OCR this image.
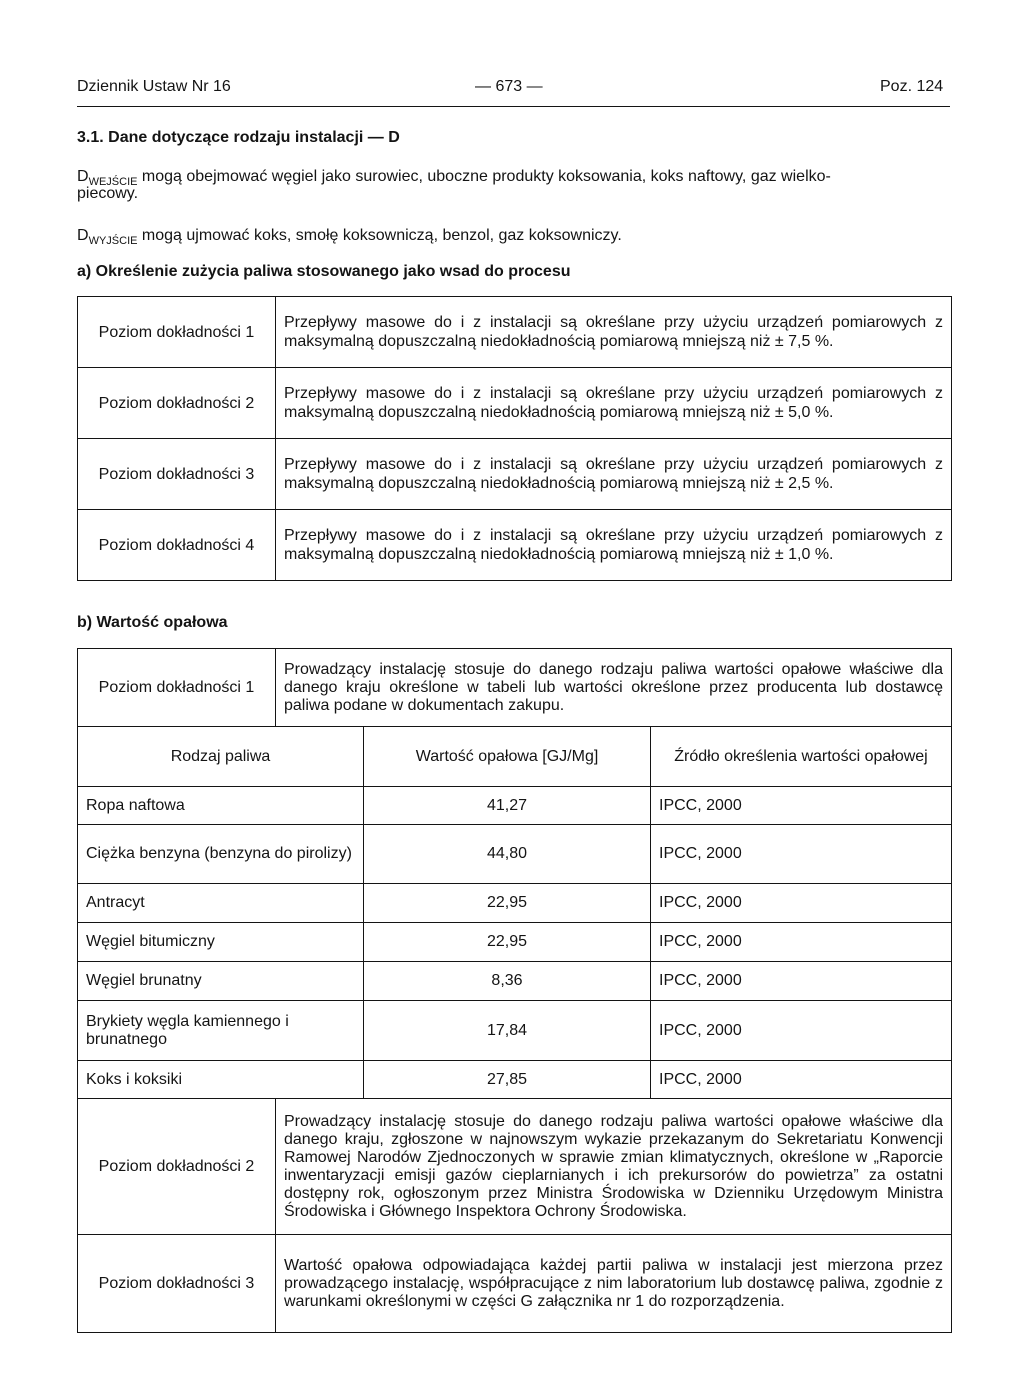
Dziennik Ustaw Nr 16	— 673 —	Poz. 124
3.1. Dane dotyczące rodzaju instalacji — D
$D_{WEJŚCIE}$ mogą obejmować węgiel jako surowiec, uboczne produkty koksowania, koks naftowy, gaz wielko-
piecowy.
$D_{WYJŚCIE}$ mogą ujmować koks, smołę koksowniczą, benzol, gaz koksowniczy.
a) Określenie zużycia paliwa stosowanego jako wsad do procesu
Poziom dokładności 1	Przepływy masowe do i z instalacji są określane przy użyciu urządzeń pomiarowych z maksymalną dopuszczalną niedokładnością pomiarową mniejszą niż ± 7,5 %.
Poziom dokładności 2	Przepływy masowe do i z instalacji są określane przy użyciu urządzeń pomiarowych z maksymalną dopuszczalną niedokładnością pomiarową mniejszą niż ± 5,0 %.
Poziom dokładności 3	Przepływy masowe do i z instalacji są określane przy użyciu urządzeń pomiarowych z maksymalną dopuszczalną niedokładnością pomiarową mniejszą niż ± 2,5 %.
Poziom dokładności 4	Przepływy masowe do i z instalacji są określane przy użyciu urządzeń pomiarowych z maksymalną dopuszczalną niedokładnością pomiarową mniejszą niż ± 1,0 %.
b) Wartość opałowa
Poziom dokładności 1	Prowadzący instalację stosuje do danego rodzaju paliwa wartości opałowe właściwe dla danego kraju określone w tabeli lub wartości określone przez producenta lub dostawcę paliwa podane w dokumentach zakupu.		
Rodzaj paliwa		Wartość opałowa [GJ/Mg]	Źródło określenia wartości opałowej
Ropa naftowa		41,27	IPCC, 2000
Ciężka benzyna (benzyna do pirolizy)		44,80	IPCC, 2000
Antracyt		22,95	IPCC, 2000
Węgiel bitumiczny		22,95	IPCC, 2000
Węgiel brunatny		8,36	IPCC, 2000
Brykiety węgla kamiennego i brunatnego		17,84	IPCC, 2000
Koks i koksiki		27,85	IPCC, 2000
Poziom dokładności 2	Prowadzący instalację stosuje do danego rodzaju paliwa wartości opałowe właściwe dla danego kraju, zgłoszone w najnowszym wykazie przekazanym do Sekretariatu Konwencji Ramowej Narodów Zjednoczonych w sprawie zmian klimatycznych, określone w „Raporcie inwentaryzacji emisji gazów cieplarnianych i ich prekursorów do powietrza” za ostatni dostępny rok, ogłoszonym przez Ministra Środowiska w Dzienniku Urzędowym Ministra Środowiska i Głównego Inspektora Ochrony Środowiska.		
Poziom dokładności 3	Wartość opałowa odpowiadająca każdej partii paliwa w instalacji jest mierzona przez prowadzącego instalację, współpracujące z nim laboratorium lub dostawcę paliwa, zgodnie z warunkami określonymi w części G załącznika nr 1 do rozporządzenia.		
